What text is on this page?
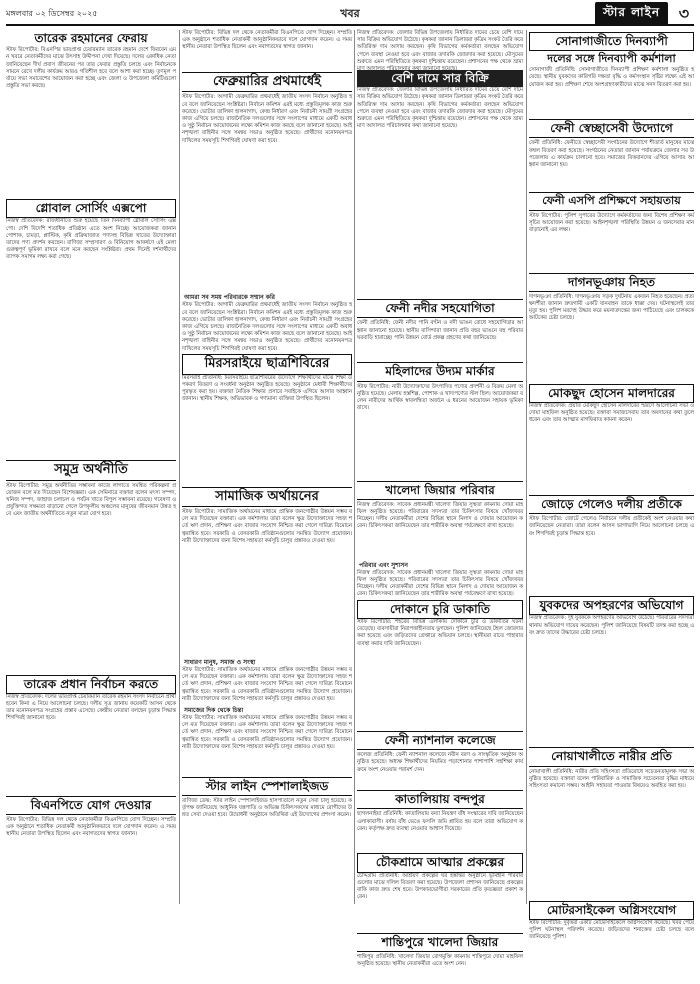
মঙ্গলবার ০২ ডিসেম্বর ২০২৫	খবর	স্টার লাইন	৩
তারেক রহমানের ফেরায়
স্টাফ রিপোর্টার: বিএনপির ভারপ্রাপ্ত চেয়ারম্যান তারেক রহমান দেশে ফিরবেন এমন খবরে নেতাকর্মীদের মাঝে উৎসাহ উদ্দীপনা দেখা দিয়েছে। দলের একাধিক নেতা জানিয়েছেন দীর্ঘ প্রবাস জীবনের পর তার ফেরার প্রস্তুতি চলছে এবং নির্বাচনকে সামনে রেখে দলীয় কার্যক্রম আরও গতিশীল হবে বলে আশা করা হচ্ছে। তৃণমূল পর্যায়ে সভা সমাবেশের আয়োজন করা হচ্ছে এবং জেলা ও উপজেলা কমিটিগুলো প্রস্তুতি সভা করছে।
গ্লোবাল সোর্সিং এক্সপো
নিজস্ব প্রতিবেদক: রাজধানীতে শুরু হয়েছে তিন দিনব্যাপী গ্লোবাল সোর্সিং এক্সপো। দেশি বিদেশি শতাধিক প্রতিষ্ঠান এতে অংশ নিচ্ছে। আয়োজকরা জানান পোশাক, চামড়া, প্লাস্টিক, কৃষি প্রক্রিয়াজাত পণ্যসহ বিভিন্ন খাতের উদ্যোক্তারা তাদের পণ্য প্রদর্শন করছেন। বাণিজ্য সম্প্রসারণ ও বিনিয়োগ আকর্ষণে এই মেলা গুরুত্বপূর্ণ ভূমিকা রাখবে বলে মনে করছেন সংশ্লিষ্টরা। প্রথম দিনেই দর্শনার্থীদের ব্যাপক সমাগম লক্ষ্য করা গেছে।
সমুদ্র অর্থনীতি
স্টাফ রিপোর্টার: সমুদ্র অর্থনীতির সম্ভাবনা কাজে লাগাতে সমন্বিত পরিকল্পনা প্রয়োজন বলে মত দিয়েছেন বিশেষজ্ঞরা। এক সেমিনারে বক্তারা বলেন মৎস্য সম্পদ, খনিজ সম্পদ, জাহাজ চলাচল ও পর্যটন খাতে বিপুল সম্ভাবনা রয়েছে। গবেষণা ও প্রযুক্তিগত সক্ষমতা বাড়ানো গেলে উপকূলীয় অঞ্চলের মানুষের জীবনমান উন্নত হবে এবং জাতীয় অর্থনীতিতে নতুন মাত্রা যোগ হবে।
তারেক প্রধান নির্বাচন করতে
নিজস্ব প্রতিবেদক: দলের ভারপ্রাপ্ত চেয়ারম্যান তারেক রহমান সংসদ নির্বাচনে প্রার্থী হবেন কিনা এ নিয়ে আলোচনা চলছে। দলীয় সূত্র জানায় কয়েকটি আসন থেকে তার মনোনয়নপত্র সংগ্রহের প্রস্তাব এসেছে। কেন্দ্রীয় নেতারা বলছেন চূড়ান্ত সিদ্ধান্ত শিগগিরই জানানো হবে।
বিএনপিতে যোগ দেওয়ার
স্টাফ রিপোর্টার: বিভিন্ন দল থেকে নেতাকর্মীরা বিএনপিতে যোগ দিচ্ছেন। সম্প্রতি এক অনুষ্ঠানে শতাধিক নেতাকর্মী আনুষ্ঠানিকভাবে দলে যোগদান করেন। এ সময় স্থানীয় নেতারা উপস্থিত ছিলেন এবং নবাগতদের স্বাগত জানান।
স্টাফ রিপোর্টার: বিভিন্ন দল থেকে নেতাকর্মীরা বিএনপিতে যোগ দিচ্ছেন। সম্প্রতি এক অনুষ্ঠানে শতাধিক নেতাকর্মী আনুষ্ঠানিকভাবে দলে যোগদান করেন। এ সময় স্থানীয় নেতারা উপস্থিত ছিলেন এবং নবাগতদের স্বাগত জানান।
ফেব্রুয়ারির প্রথমার্ধেই
স্টাফ রিপোর্টার: আগামী ফেব্রুয়ারির প্রথমার্ধেই জাতীয় সংসদ নির্বাচন অনুষ্ঠিত হবে বলে জানিয়েছেন সংশ্লিষ্টরা। নির্বাচন কমিশন এরই মধ্যে প্রস্তুতিমূলক কাজ শুরু করেছে। ভোটার তালিকা হালনাগাদ, কেন্দ্র নির্ধারণ এবং নির্বাচনী সামগ্রী সংগ্রহের কাজ এগিয়ে চলছে। রাজনৈতিক দলগুলোর সঙ্গে সংলাপের মাধ্যমে একটি অবাধ ও সুষ্ঠু নির্বাচন আয়োজনের লক্ষ্যে কমিশন কাজ করছে বলে জানানো হয়েছে। আইনশৃঙ্খলা বাহিনীর সঙ্গে সমন্বয় সভাও অনুষ্ঠিত হয়েছে। প্রার্থীদের মনোনয়নপত্র দাখিলের সময়সূচি শিগগিরই ঘোষণা করা হবে।
আমরা সব সময় পরিবারকে সম্মান করি
স্টাফ রিপোর্টার: আগামী ফেব্রুয়ারির প্রথমার্ধেই জাতীয় সংসদ নির্বাচন অনুষ্ঠিত হবে বলে জানিয়েছেন সংশ্লিষ্টরা। নির্বাচন কমিশন এরই মধ্যে প্রস্তুতিমূলক কাজ শুরু করেছে। ভোটার তালিকা হালনাগাদ, কেন্দ্র নির্ধারণ এবং নির্বাচনী সামগ্রী সংগ্রহের কাজ এগিয়ে চলছে। রাজনৈতিক দলগুলোর সঙ্গে সংলাপের মাধ্যমে একটি অবাধ ও সুষ্ঠু নির্বাচন আয়োজনের লক্ষ্যে কমিশন কাজ করছে বলে জানানো হয়েছে। আইনশৃঙ্খলা বাহিনীর সঙ্গে সমন্বয় সভাও অনুষ্ঠিত হয়েছে। প্রার্থীদের মনোনয়নপত্র দাখিলের সময়সূচি শিগগিরই ঘোষণা করা হবে।
মিরসরাইয়ে ছাত্রশিবিরের
মিরসরাই প্রতিনিধি: মিরসরাইয়ে ছাত্রশিবিরের উদ্যোগে শিক্ষার্থীদের মাঝে শিক্ষা উপকরণ বিতরণ ও সংবর্ধনা অনুষ্ঠান অনুষ্ঠিত হয়েছে। অনুষ্ঠানে মেধাবী শিক্ষার্থীদের পুরস্কৃত করা হয়। বক্তারা নৈতিক শিক্ষার প্রসারে সবাইকে এগিয়ে আসার আহ্বান জানান। স্থানীয় শিক্ষক, অভিভাবক ও গণ্যমান্য ব্যক্তিরা উপস্থিত ছিলেন।
সামাজিক অর্থায়নের
স্টাফ রিপোর্টার: সামাজিক অর্থায়নের মাধ্যমে প্রান্তিক জনগোষ্ঠীর উন্নয়ন সম্ভব বলে মত দিয়েছেন বক্তারা। এক কর্মশালায় তারা বলেন ক্ষুদ্র উদ্যোক্তাদের সহজ শর্তে ঋণ প্রদান, প্রশিক্ষণ এবং বাজার সংযোগ নিশ্চিত করা গেলে দারিদ্র্য বিমোচন ত্বরান্বিত হবে। সরকারি ও বেসরকারি প্রতিষ্ঠানগুলোর সমন্বিত উদ্যোগ প্রয়োজন। নারী উদ্যোক্তাদের জন্য বিশেষ সহায়তা কর্মসূচি চালুর প্রস্তাবও দেওয়া হয়।
সাধারণ মানুষ, সমাজ ও সংস্থা
স্টাফ রিপোর্টার: সামাজিক অর্থায়নের মাধ্যমে প্রান্তিক জনগোষ্ঠীর উন্নয়ন সম্ভব বলে মত দিয়েছেন বক্তারা। এক কর্মশালায় তারা বলেন ক্ষুদ্র উদ্যোক্তাদের সহজ শর্তে ঋণ প্রদান, প্রশিক্ষণ এবং বাজার সংযোগ নিশ্চিত করা গেলে দারিদ্র্য বিমোচন ত্বরান্বিত হবে। সরকারি ও বেসরকারি প্রতিষ্ঠানগুলোর সমন্বিত উদ্যোগ প্রয়োজন। নারী উদ্যোক্তাদের জন্য বিশেষ সহায়তা কর্মসূচি চালুর প্রস্তাবও দেওয়া হয়।
সমাজের দিক থেকে চিন্তা
স্টাফ রিপোর্টার: সামাজিক অর্থায়নের মাধ্যমে প্রান্তিক জনগোষ্ঠীর উন্নয়ন সম্ভব বলে মত দিয়েছেন বক্তারা। এক কর্মশালায় তারা বলেন ক্ষুদ্র উদ্যোক্তাদের সহজ শর্তে ঋণ প্রদান, প্রশিক্ষণ এবং বাজার সংযোগ নিশ্চিত করা গেলে দারিদ্র্য বিমোচন ত্বরান্বিত হবে। সরকারি ও বেসরকারি প্রতিষ্ঠানগুলোর সমন্বিত উদ্যোগ প্রয়োজন। নারী উদ্যোক্তাদের জন্য বিশেষ সহায়তা কর্মসূচি চালুর প্রস্তাবও দেওয়া হয়।
স্টার লাইন স্পেশালাইজড
বাণিজ্য ডেস্ক: স্টার লাইন স্পেশালাইজড হাসপাতালে নতুন সেবা চালু হয়েছে। কর্তৃপক্ষ জানিয়েছে আধুনিক যন্ত্রপাতি ও অভিজ্ঞ চিকিৎসকদের মাধ্যমে রোগীদের উন্নত সেবা দেওয়া হবে। উদ্বোধনী অনুষ্ঠানে অতিথিরা এই উদ্যোগের প্রশংসা করেন।
নিজস্ব প্রতিবেদক: জেলার বিভিন্ন উপজেলায় নির্ধারিত দামের চেয়ে বেশি দামে সার বিক্রির অভিযোগ উঠেছে। কৃষকরা জানান ডিলাররা কৃত্রিম সংকট তৈরি করে অতিরিক্ত দাম আদায় করছেন। কৃষি বিভাগের কর্মকর্তারা বলছেন অভিযোগ পেলে ব্যবস্থা নেওয়া হবে এবং বাজার তদারকি জোরদার করা হয়েছে। মৌসুমের শুরুতে এমন পরিস্থিতিতে কৃষকরা দুশ্চিন্তায় রয়েছেন। প্রশাসনের পক্ষ থেকে ভ্রাম্যমাণ আদালত পরিচালনার কথা জানানো হয়েছে।
বেশি দামে সার বিক্রি
নিজস্ব প্রতিবেদক: জেলার বিভিন্ন উপজেলায় নির্ধারিত দামের চেয়ে বেশি দামে সার বিক্রির অভিযোগ উঠেছে। কৃষকরা জানান ডিলাররা কৃত্রিম সংকট তৈরি করে অতিরিক্ত দাম আদায় করছেন। কৃষি বিভাগের কর্মকর্তারা বলছেন অভিযোগ পেলে ব্যবস্থা নেওয়া হবে এবং বাজার তদারকি জোরদার করা হয়েছে। মৌসুমের শুরুতে এমন পরিস্থিতিতে কৃষকরা দুশ্চিন্তায় রয়েছেন। প্রশাসনের পক্ষ থেকে ভ্রাম্যমাণ আদালত পরিচালনার কথা জানানো হয়েছে।
ফেনী নদীর সহযোগিতা
ফেনী প্রতিনিধি: ফেনী নদীর পানি বণ্টন ও নদী ভাঙন রোধে সহযোগিতার আহ্বান জানানো হয়েছে। স্থানীয় বাসিন্দারা জানান প্রতি বছর ভাঙনে বহু পরিবার ঘরবাড়ি হারাচ্ছে। পানি উন্নয়ন বোর্ড প্রকল্প গ্রহণের কথা জানিয়েছে।
মহিলাদের উদ্যম মার্কার
স্টাফ রিপোর্টার: নারী উদ্যোক্তাদের উৎপাদিত পণ্যের প্রদর্শনী ও বিক্রয় মেলা অনুষ্ঠিত হয়েছে। মেলায় হস্তশিল্প, পোশাক ও খাদ্যপণ্যের স্টল ছিল। আয়োজকরা বলেন নারীদের আর্থিক স্বাবলম্বিতা অর্জনে এ ধরনের আয়োজন সহায়ক ভূমিকা রাখে।
খালেদা জিয়ার পরিবার
নিজস্ব প্রতিবেদক: সাবেক প্রধানমন্ত্রী খালেদা জিয়ার সুস্থতা কামনায় দোয়া মাহফিল অনুষ্ঠিত হয়েছে। পরিবারের সদস্যরা তার চিকিৎসার বিষয়ে খোঁজখবর নিচ্ছেন। দলীয় নেতাকর্মীরা দেশের বিভিন্ন স্থানে মিলাদ ও দোয়ার আয়োজন করেন। চিকিৎসকরা জানিয়েছেন তার শারীরিক অবস্থা পর্যবেক্ষণে রাখা হয়েছে।
পরিবার এবং সুশাসন
নিজস্ব প্রতিবেদক: সাবেক প্রধানমন্ত্রী খালেদা জিয়ার সুস্থতা কামনায় দোয়া মাহফিল অনুষ্ঠিত হয়েছে। পরিবারের সদস্যরা তার চিকিৎসার বিষয়ে খোঁজখবর নিচ্ছেন। দলীয় নেতাকর্মীরা দেশের বিভিন্ন স্থানে মিলাদ ও দোয়ার আয়োজন করেন। চিকিৎসকরা জানিয়েছেন তার শারীরিক অবস্থা পর্যবেক্ষণে রাখা হয়েছে।
দোকানে চুরি ডাকাতি
স্টাফ রিপোর্টার: শহরের বিভিন্ন এলাকায় দোকানে চুরি ও ডাকাতির ঘটনা বেড়েছে। ব্যবসায়ীরা নিরাপত্তাহীনতায় ভুগছেন। পুলিশ জানিয়েছে টহল জোরদার করা হয়েছে এবং জড়িতদের গ্রেপ্তারে অভিযান চলছে। স্থানীয়রা রাতে পাহারার ব্যবস্থা করার দাবি জানিয়েছেন।
ফেনী ন্যাশনাল কলেজে
কলেজ প্রতিনিধি: ফেনী ন্যাশনাল কলেজে নবীন বরণ ও সাংস্কৃতিক অনুষ্ঠান অনুষ্ঠিত হয়েছে। অধ্যক্ষ শিক্ষার্থীদের নিয়মিত পড়াশোনার পাশাপাশি সহশিক্ষা কার্যক্রমে অংশ নেওয়ার পরামর্শ দেন।
কাতালিয়ায় বন্দপুর
ছাগলনাইয়া প্রতিনিধি: কাতালিয়ায় বন্যা নিয়ন্ত্রণ বাঁধ সংস্কারের দাবি জানিয়েছেন এলাকাবাসী। বর্ষায় বাঁধ ভেঙে ফসলি জমি প্লাবিত হয় বলে তারা অভিযোগ করেন। কর্তৃপক্ষ দ্রুত ব্যবস্থা নেওয়ার আশ্বাস দিয়েছে।
চৌকশ্রামে আত্মার প্রকল্পের
চৌদ্দগ্রাম প্রতিনিধি: আশ্রয়ণ প্রকল্পের ঘর হস্তান্তর অনুষ্ঠানে ভূমিহীন পরিবারগুলোর মাঝে দলিল বিতরণ করা হয়েছে। উপজেলা প্রশাসন জানিয়েছে প্রকল্পের বাকি কাজ দ্রুত শেষ হবে। উপকারভোগীরা সরকারের প্রতি কৃতজ্ঞতা প্রকাশ করেন।
শান্তিপুরে খালেদা জিয়ার
শান্তিপুর প্রতিনিধি: খালেদা জিয়ার রোগমুক্তি কামনায় শান্তিপুরে দোয়া মাহফিল অনুষ্ঠিত হয়েছে। স্থানীয় নেতাকর্মীরা এতে অংশ নেন।
সোনাগাজীতে দিনব্যাপী
দলের সঙ্গে দিনব্যাপী কর্মশালা
সোনাগাজী প্রতিনিধি: সোনাগাজীতে দিনব্যাপী প্রশিক্ষণ কর্মশালা অনুষ্ঠিত হয়েছে। স্থানীয় যুবকদের কারিগরি দক্ষতা বৃদ্ধি ও কর্মসংস্থান সৃষ্টির লক্ষ্যে এই আয়োজন করা হয়। প্রশিক্ষণ শেষে অংশগ্রহণকারীদের মাঝে সনদ বিতরণ করা হয়।
ফেনী স্বেচ্ছাসেবী উদ্যোগে
ফেনী প্রতিনিধি: ফেনীতে স্বেচ্ছাসেবী সংগঠনের উদ্যোগে শীতার্ত মানুষের মাঝে কম্বল বিতরণ করা হয়েছে। সংগঠনের নেতারা জানান পর্যায়ক্রমে জেলার সব উপজেলায় এ কার্যক্রম চালানো হবে। সমাজের বিত্তবানদের এগিয়ে আসার আহ্বান জানানো হয়।
ফেনী এসপি প্রশিক্ষণে সহায়তায়
স্টাফ রিপোর্টার: পুলিশ সুপারের উদ্যোগে কর্মকর্তাদের জন্য বিশেষ প্রশিক্ষণ কর্মসূচির আয়োজন করা হয়েছে। আইনশৃঙ্খলা পরিস্থিতি উন্নয়ন ও জনসেবার মান বাড়ানোই এর লক্ষ্য।
দাগনভূঞায় নিহত
দাগনভূঞা প্রতিনিধি: দাগনভূঞায় সড়ক দুর্ঘটনায় একজন নিহত হয়েছেন। প্রত্যক্ষদর্শীরা জানান দ্রুতগামী একটি যানবাহন তাকে ধাক্কা দেয়। ঘটনাস্থলেই তার মৃত্যু হয়। পুলিশ মরদেহ উদ্ধার করে ময়নাতদন্তের জন্য পাঠিয়েছে এবং চালককে আটকের চেষ্টা চলছে।
মোকছুদ হোসেন মালদারের
নিজস্ব প্রতিবেদক: প্রয়াত মোকছুদ হোসেন মালদারের স্মরণে আলোচনা সভা ও দোয়া মাহফিল অনুষ্ঠিত হয়েছে। বক্তারা সমাজসেবায় তার অবদানের কথা তুলে ধরেন এবং তার আত্মার মাগফিরাত কামনা করেন।
জোড়ে গেলেও দলীয় প্রতীকে
স্টাফ রিপোর্টার: জোটে গেলেও নির্বাচনে দলীয় প্রতীকেই অংশ নেওয়ার কথা জানিয়েছেন নেতারা। তারা বলেন আসন ভাগাভাগি নিয়ে আলোচনা চলছে এবং শিগগিরই চূড়ান্ত সিদ্ধান্ত হবে।
যুবকদের অপহরণের অভিযোগ
নিজস্ব প্রতিবেদক: দুই যুবককে অপহরণের অভিযোগ উঠেছে। পরিবারের সদস্যরা থানায় অভিযোগ দায়ের করেছেন। পুলিশ জানিয়েছে বিষয়টি তদন্ত করা হচ্ছে এবং দ্রুত তাদের উদ্ধারের চেষ্টা চলছে।
নোয়াখালীতে নারীর প্রতি
নোয়াখালী প্রতিনিধি: নারীর প্রতি সহিংসতা প্রতিরোধে সচেতনতামূলক সভা অনুষ্ঠিত হয়েছে। বক্তারা বলেন পারিবারিক ও সামাজিক সচেতনতা বৃদ্ধির মাধ্যমে সহিংসতা কমানো সম্ভব। আইনি সহায়তা পাওয়ার বিষয়েও অবহিত করা হয়।
মোটরসাইকেল অগ্নিসংযোগ
স্টাফ রিপোর্টার: দুর্বৃত্তরা একটি মোটরসাইকেলে অগ্নিসংযোগ করেছে। খবর পেয়ে পুলিশ ঘটনাস্থল পরিদর্শন করেছে। জড়িতদের শনাক্তের চেষ্টা চলছে বলে জানিয়েছে পুলিশ।
